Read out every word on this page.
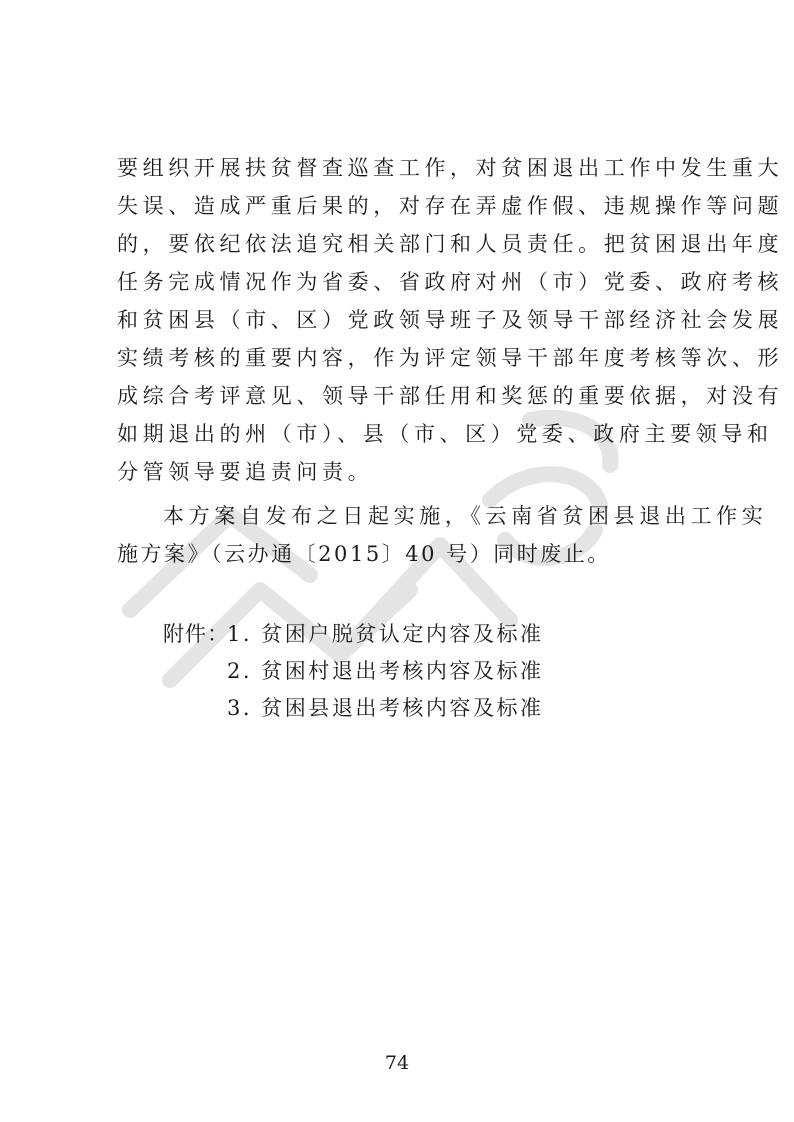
要组织开展扶贫督查巡查工作，对贫困退出工作中发生重大
失误、造成严重后果的，对存在弄虚作假、违规操作等问题
的，要依纪依法追究相关部门和人员责任。把贫困退出年度
任务完成情况作为省委、省政府对州（市）党委、政府考核
和贫困县（市、区）党政领导班子及领导干部经济社会发展
实绩考核的重要内容，作为评定领导干部年度考核等次、形
成综合考评意见、领导干部任用和奖惩的重要依据，对没有
如期退出的州（市）、县（市、区）党委、政府主要领导和
分管领导要追责问责。
本方案自发布之日起实施，《云南省贫困县退出工作实
施方案》（云办通〔2015〕40 号）同时废止。
附件：
1. 贫困户脱贫认定内容及标准
2. 贫困村退出考核内容及标准
3. 贫困县退出考核内容及标准
74
